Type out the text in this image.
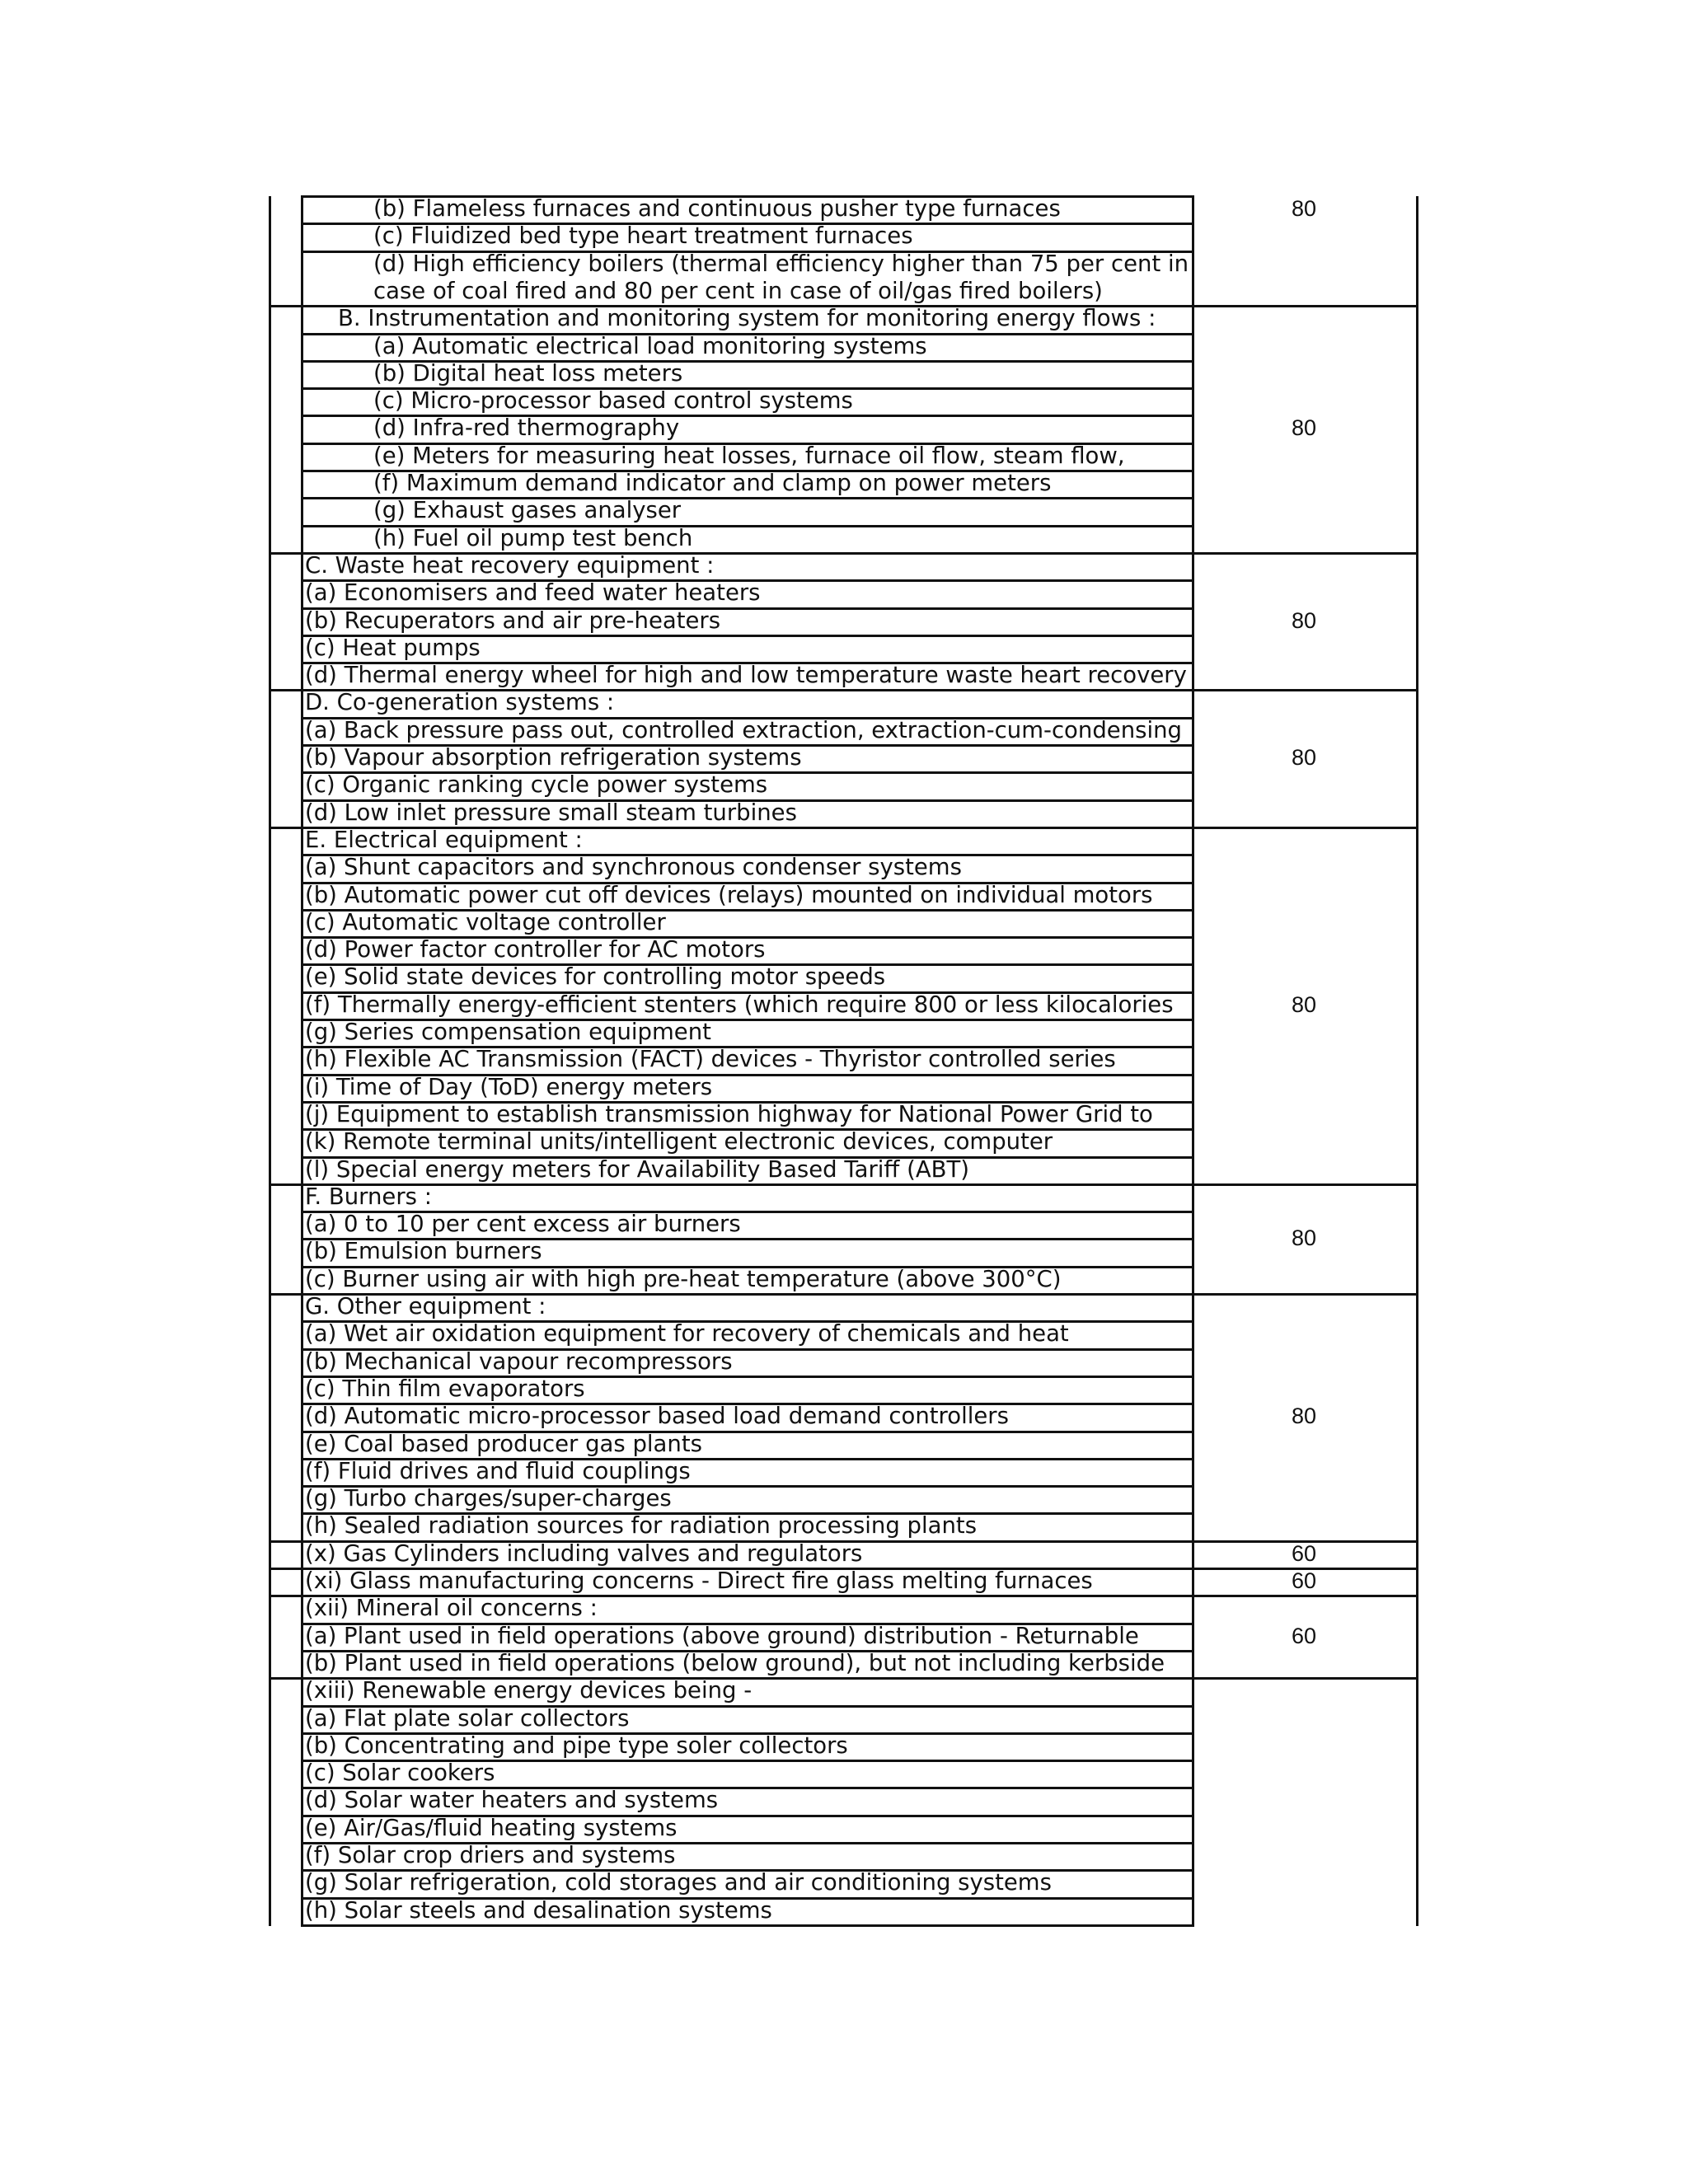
(b) Flameless furnaces and continuous pusher type furnaces
(c) Fluidized bed type heart treatment furnaces
(d) High efficiency boilers (thermal efficiency higher than 75 per cent in
case of coal fired and 80 per cent in case of oil/gas fired boilers)
B. Instrumentation and monitoring system for monitoring energy flows :
(a) Automatic electrical load monitoring systems
(b) Digital heat loss meters
(c) Micro-processor based control systems
(d) Infra-red thermography
(e) Meters for measuring heat losses, furnace oil flow, steam flow,
(f) Maximum demand indicator and clamp on power meters
(g) Exhaust gases analyser
(h) Fuel oil pump test bench
C. Waste heat recovery equipment :
(a) Economisers and feed water heaters
(b) Recuperators and air pre-heaters
(c) Heat pumps
(d) Thermal energy wheel for high and low temperature waste heart recovery
D. Co-generation systems :
(a) Back pressure pass out, controlled extraction, extraction-cum-condensing
(b) Vapour absorption refrigeration systems
(c) Organic ranking cycle power systems
(d) Low inlet pressure small steam turbines
E. Electrical equipment :
(a) Shunt capacitors and synchronous condenser systems
(b) Automatic power cut off devices (relays) mounted on individual motors
(c) Automatic voltage controller
(d) Power factor controller for AC motors
(e) Solid state devices for controlling motor speeds
(f) Thermally energy-efficient stenters (which require 800 or less kilocalories
(g) Series compensation equipment
(h) Flexible AC Transmission (FACT) devices - Thyristor controlled series
(i) Time of Day (ToD) energy meters
(j) Equipment to establish transmission highway for National Power Grid to
(k) Remote terminal units/intelligent electronic devices, computer
(l) Special energy meters for Availability Based Tariff (ABT)
F. Burners :
(a) 0 to 10 per cent excess air burners
(b) Emulsion burners
(c) Burner using air with high pre-heat temperature (above 300°C)
G. Other equipment :
(a) Wet air oxidation equipment for recovery of chemicals and heat
(b) Mechanical vapour recompressors
(c) Thin film evaporators
(d) Automatic micro-processor based load demand controllers
(e) Coal based producer gas plants
(f) Fluid drives and fluid couplings
(g) Turbo charges/super-charges
(h) Sealed radiation sources for radiation processing plants
(x) Gas Cylinders including valves and regulators
(xi) Glass manufacturing concerns - Direct fire glass melting furnaces
(xii) Mineral oil concerns :
(a) Plant used in field operations (above ground) distribution - Returnable
(b) Plant used in field operations (below ground), but not including kerbside
(xiii) Renewable energy devices being -
(a) Flat plate solar collectors
(b) Concentrating and pipe type soler collectors
(c) Solar cookers
(d) Solar water heaters and systems
(e) Air/Gas/fluid heating systems
(f) Solar crop driers and systems
(g) Solar refrigeration, cold storages and air conditioning systems
(h) Solar steels and desalination systems
80
80
80
80
80
80
80
60
60
60
